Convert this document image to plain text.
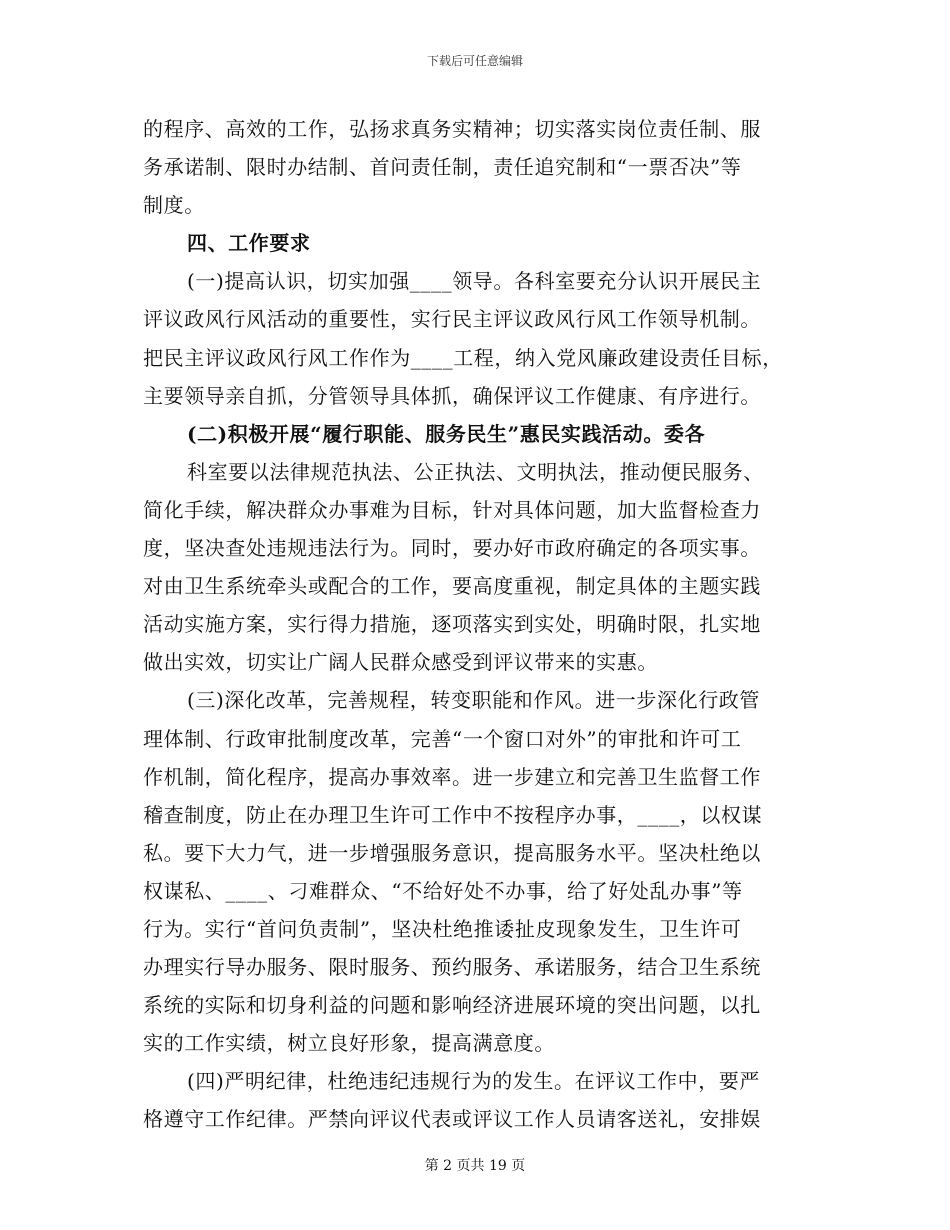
下载后可任意编辑
的程序、高效的工作，弘扬求真务实精神；切实落实岗位责任制、服
务承诺制、限时办结制、首问责任制，责任追究制和“一票否决”等
制度。
四、工作要求
(一)提高认识，切实加强____领导。各科室要充分认识开展民主
评议政风行风活动的重要性，实行民主评议政风行风工作领导机制。
把民主评议政风行风工作作为____工程，纳入党风廉政建设责任目标，
主要领导亲自抓，分管领导具体抓，确保评议工作健康、有序进行。
(二)积极开展“履行职能、服务民生”惠民实践活动。委各
科室要以法律规范执法、公正执法、文明执法，推动便民服务、
简化手续，解决群众办事难为目标，针对具体问题，加大监督检查力
度，坚决查处违规违法行为。同时，要办好市政府确定的各项实事。
对由卫生系统牵头或配合的工作，要高度重视，制定具体的主题实践
活动实施方案，实行得力措施，逐项落实到实处，明确时限，扎实地
做出实效，切实让广阔人民群众感受到评议带来的实惠。
(三)深化改革，完善规程，转变职能和作风。进一步深化行政管
理体制、行政审批制度改革，完善“一个窗口对外”的审批和许可工
作机制，简化程序，提高办事效率。进一步建立和完善卫生监督工作
稽查制度，防止在办理卫生许可工作中不按程序办事，____，以权谋
私。要下大力气，进一步增强服务意识，提高服务水平。坚决杜绝以
权谋私、____、刁难群众、“不给好处不办事，给了好处乱办事”等
行为。实行“首问负责制”，坚决杜绝推诿扯皮现象发生，卫生许可
办理实行导办服务、限时服务、预约服务、承诺服务，结合卫生系统
系统的实际和切身利益的问题和影响经济进展环境的突出问题，以扎
实的工作实绩，树立良好形象，提高满意度。
(四)严明纪律，杜绝违纪违规行为的发生。在评议工作中，要严
格遵守工作纪律。严禁向评议代表或评议工作人员请客送礼，安排娱
第 2 页共 19 页
